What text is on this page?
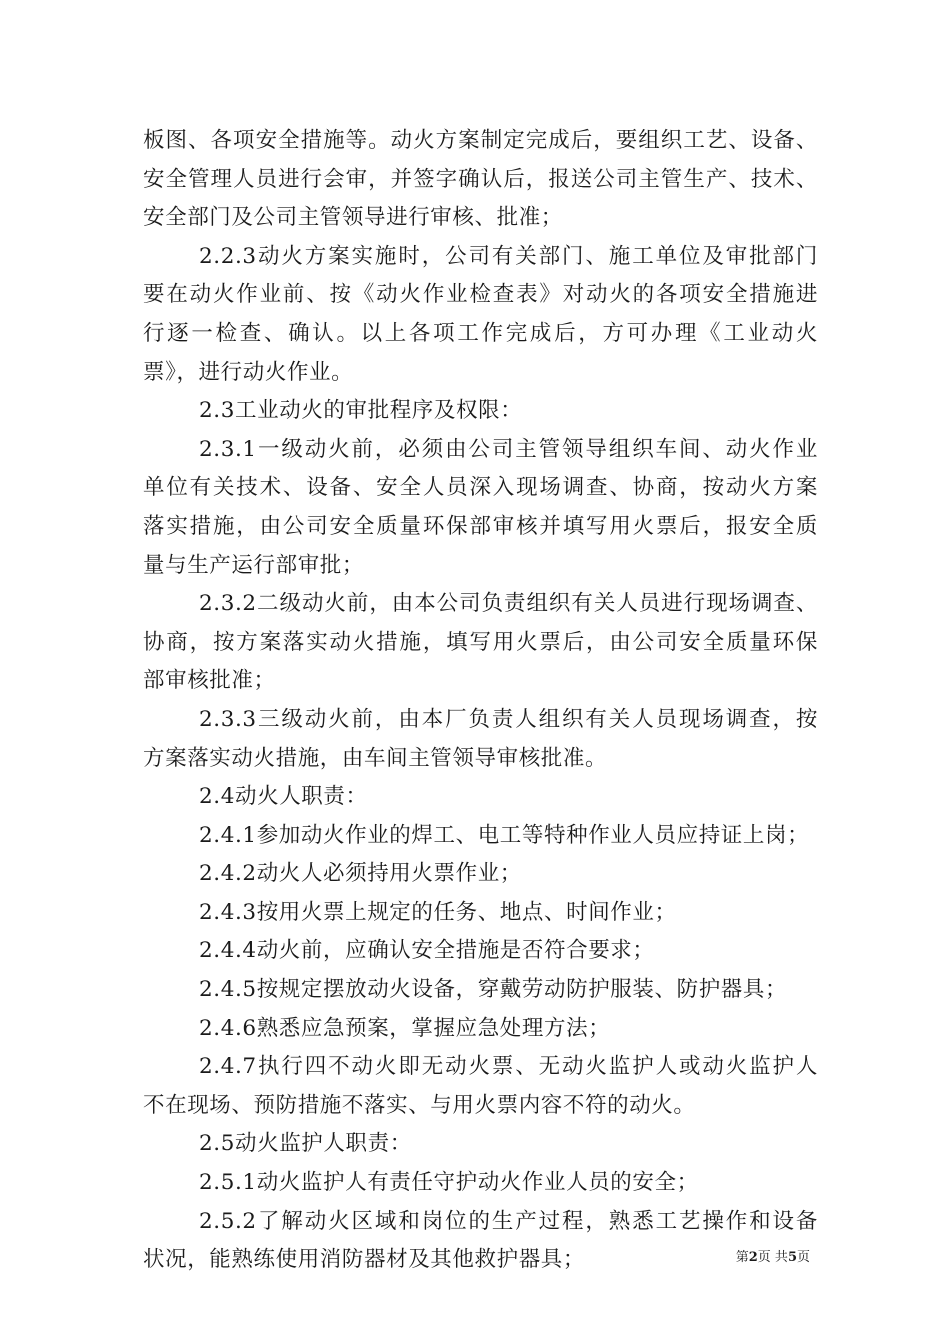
板图、各项安全措施等。动火方案制定完成后，要组织工艺、设备、
安全管理人员进行会审，并签字确认后，报送公司主管生产、技术、
安全部门及公司主管领导进行审核、批准；
2.2.3动火方案实施时，公司有关部门、施工单位及审批部门
要在动火作业前、按《动火作业检查表》对动火的各项安全措施进
行逐一检查、确认。以上各项工作完成后，方可办理《工业动火
票》，进行动火作业。
2.3工业动火的审批程序及权限：
2.3.1一级动火前，必须由公司主管领导组织车间、动火作业
单位有关技术、设备、安全人员深入现场调查、协商，按动火方案
落实措施，由公司安全质量环保部审核并填写用火票后，报安全质
量与生产运行部审批；
2.3.2二级动火前，由本公司负责组织有关人员进行现场调查、
协商，按方案落实动火措施，填写用火票后，由公司安全质量环保
部审核批准；
2.3.3三级动火前，由本厂负责人组织有关人员现场调查，按
方案落实动火措施，由车间主管领导审核批准。
2.4动火人职责：
2.4.1参加动火作业的焊工、电工等特种作业人员应持证上岗；
2.4.2动火人必须持用火票作业；
2.4.3按用火票上规定的任务、地点、时间作业；
2.4.4动火前，应确认安全措施是否符合要求；
2.4.5按规定摆放动火设备，穿戴劳动防护服装、防护器具；
2.4.6熟悉应急预案，掌握应急处理方法；
2.4.7执行四不动火即无动火票、无动火监护人或动火监护人
不在现场、预防措施不落实、与用火票内容不符的动火。
2.5动火监护人职责：
2.5.1动火监护人有责任守护动火作业人员的安全；
2.5.2了解动火区域和岗位的生产过程，熟悉工艺操作和设备
状况，能熟练使用消防器材及其他救护器具；	第2页 共5页
